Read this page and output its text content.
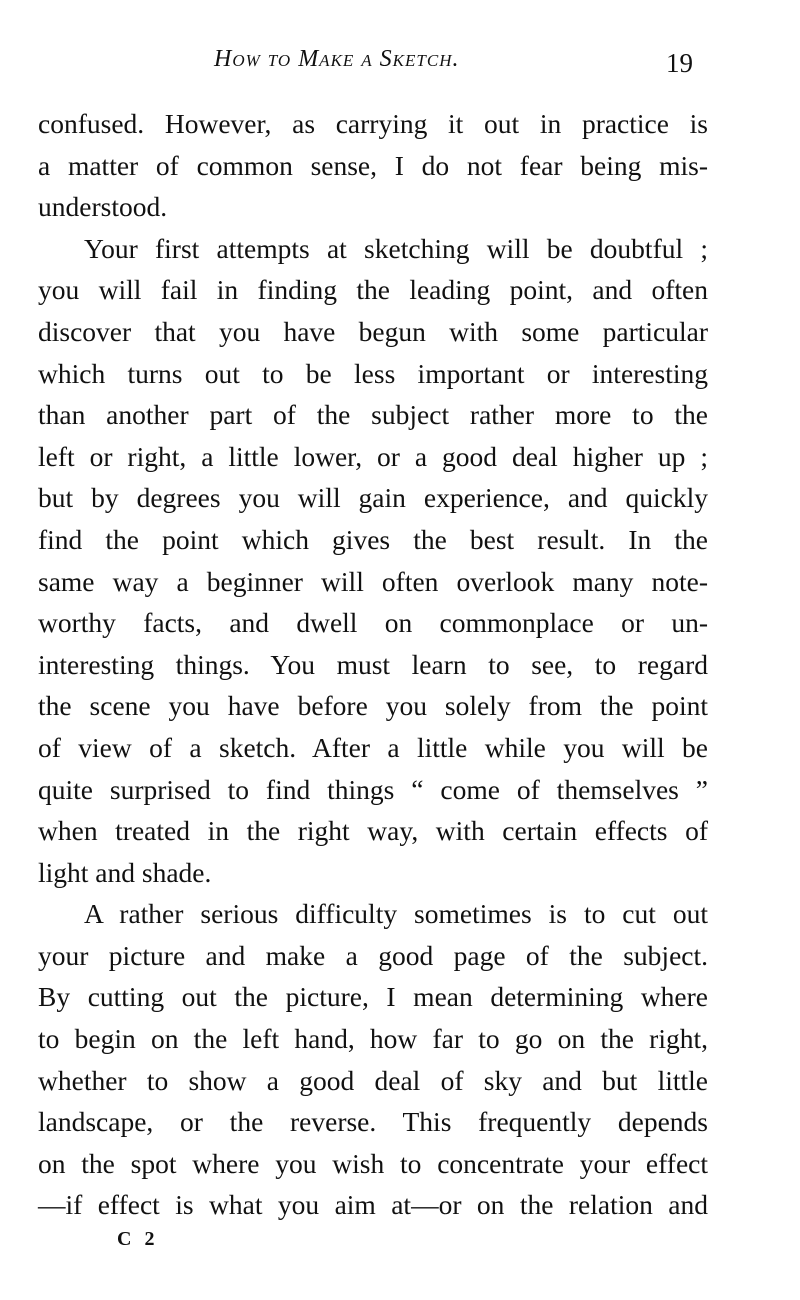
How to Make a Sketch.	19
confused. However, as carrying it out in practice is
a matter of common sense, I do not fear being mis-
understood.
Your first attempts at sketching will be doubtful ;
you will fail in finding the leading point, and often
discover that you have begun with some particular
which turns out to be less important or interesting
than another part of the subject rather more to the
left or right, a little lower, or a good deal higher up ;
but by degrees you will gain experience, and quickly
find the point which gives the best result. In the
same way a beginner will often overlook many note-
worthy facts, and dwell on commonplace or un-
interesting things. You must learn to see, to regard
the scene you have before you solely from the point
of view of a sketch. After a little while you will be
quite surprised to find things “ come of themselves ”
when treated in the right way, with certain effects of
light and shade.
A rather serious difficulty sometimes is to cut out
your picture and make a good page of the subject.
By cutting out the picture, I mean determining where
to begin on the left hand, how far to go on the right,
whether to show a good deal of sky and but little
landscape, or the reverse. This frequently depends
on the spot where you wish to concentrate your effect
—if effect is what you aim at—or on the relation and
C 2
